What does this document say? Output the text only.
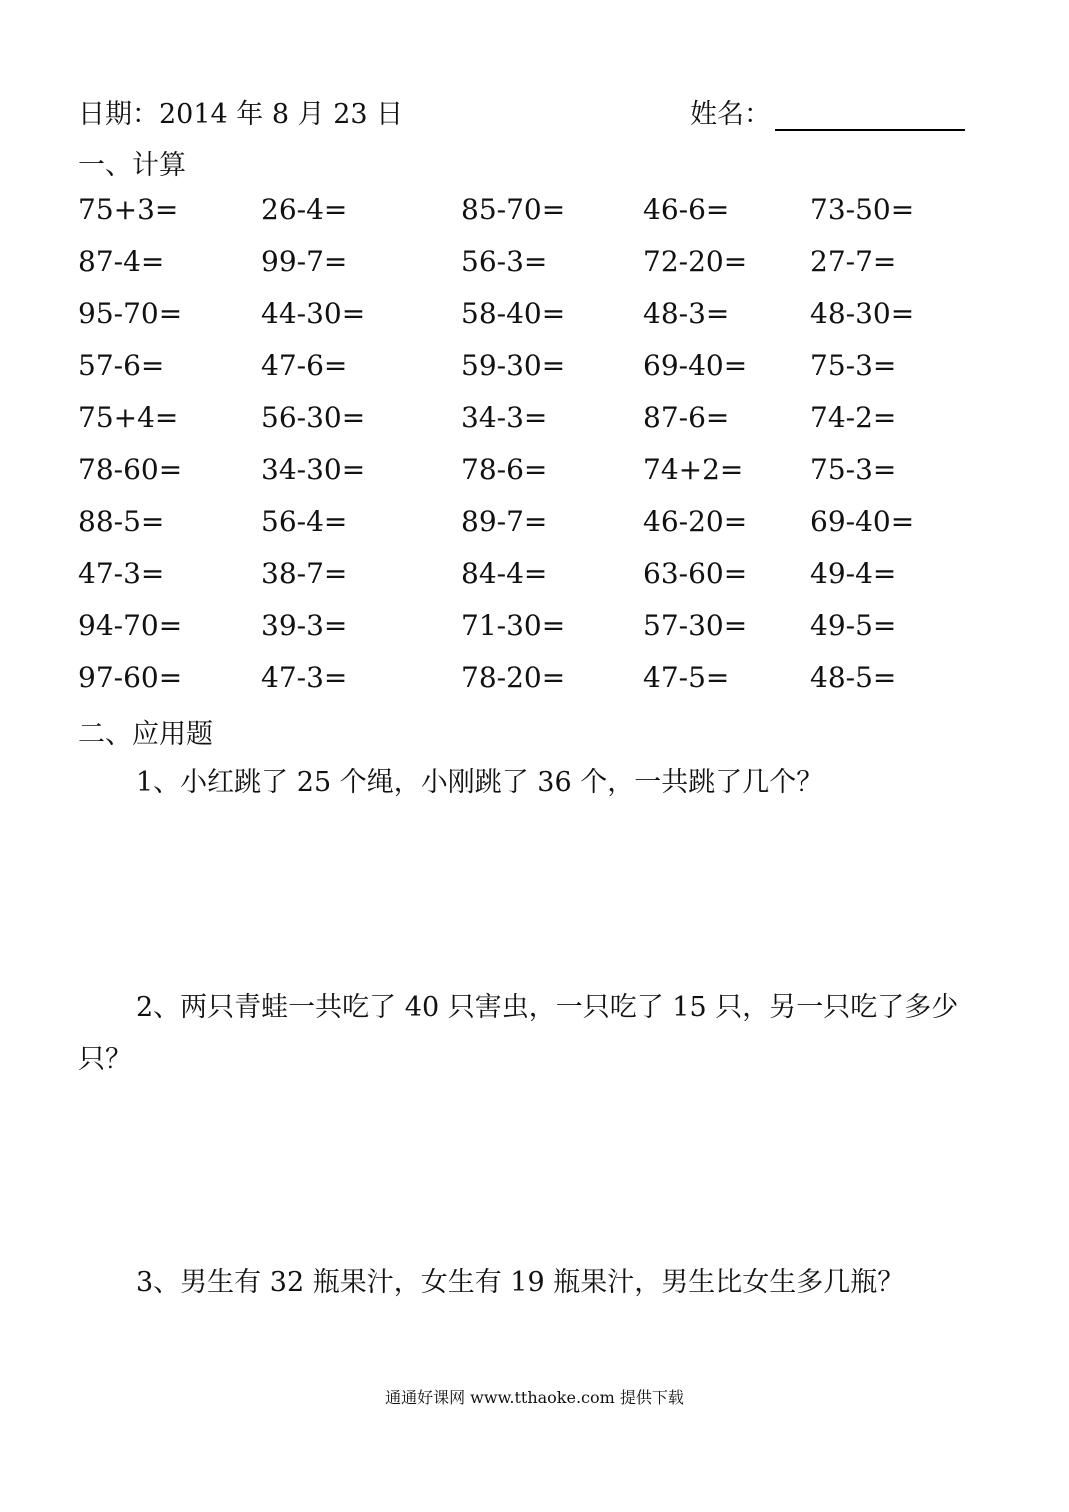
日期：2014 年 8 月 23 日	姓名：
一、计算
75+3=	26-4=	85-70=	46-6=	73-50=
87-4=	99-7=	56-3=	72-20= 27-7=
95-70=	44-30=	58-40=	48-3=	48-30=
57-6=	47-6=	59-30=	69-40= 75-3=
75+4=	56-30=	34-3=	87-6=	74-2=
78-60=	34-30=	78-6=	74+2= 75-3=
88-5=	56-4=	89-7=	46-20= 69-40=
47-3=	38-7=	84-4=	63-60= 49-4=
94-70=	39-3=	71-30=	57-30= 49-5=
97-60=	47-3=	78-20=	47-5=	48-5=
二、应用题
1、小红跳了 25 个绳，小刚跳了 36 个，一共跳了几个？
2、两只青蛙一共吃了 40 只害虫，一只吃了 15 只，另一只吃了多少
只？
3、男生有 32 瓶果汁，女生有 19 瓶果汁，男生比女生多几瓶？
通通好课网 www.tthaoke.com 提供下载
